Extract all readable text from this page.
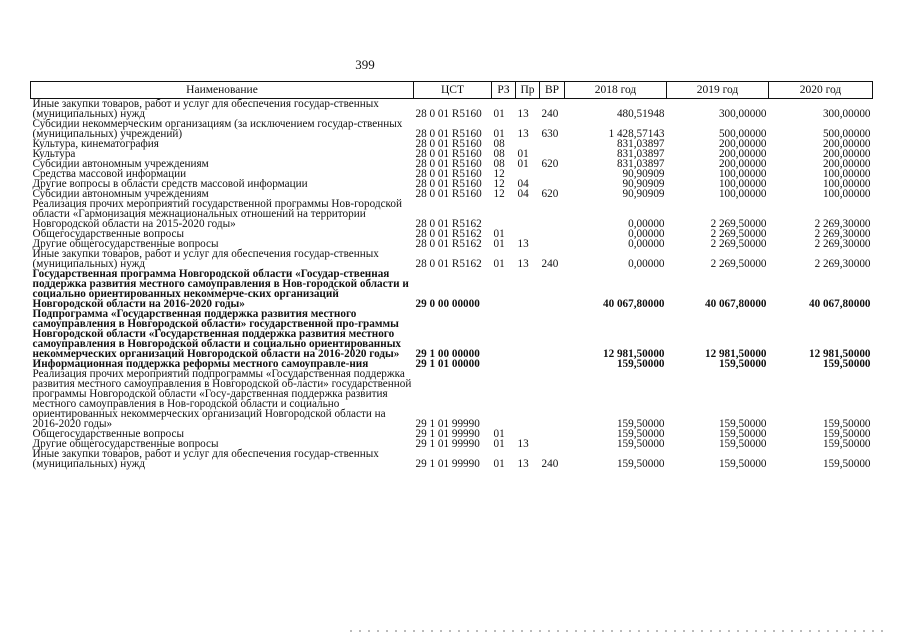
399
Наименование	ЦСТ	РЗ	Пр	ВР	2018 год	2019 год	2020 год
Иные закупки товаров, работ и услуг для обеспечения государ-ственных (муниципальных) нужд	28 0 01 R5160	01	13	240	480,51948	300,00000	300,00000
Субсидии некоммерческим организациям (за исключением государ-ственных (муниципальных) учреждений)	28 0 01 R5160	01	13	630	1 428,57143	500,00000	500,00000
Культура, кинематография	28 0 01 R5160	08			831,03897	200,00000	200,00000
Культура	28 0 01 R5160	08	01		831,03897	200,00000	200,00000
Субсидии автономным учреждениям	28 0 01 R5160	08	01	620	831,03897	200,00000	200,00000
Средства массовой информации	28 0 01 R5160	12			90,90909	100,00000	100,00000
Другие вопросы в области средств массовой информации	28 0 01 R5160	12	04		90,90909	100,00000	100,00000
Субсидии автономным учреждениям	28 0 01 R5160	12	04	620	90,90909	100,00000	100,00000
Реализация прочих мероприятий государственной программы Нов-городской области «Гармонизация межнациональных отношений на территории Новгородской области на 2015-2020 годы»	28 0 01 R5162				0,00000	2 269,50000	2 269,30000
Общегосударственные вопросы	28 0 01 R5162	01			0,00000	2 269,50000	2 269,30000
Другие общегосударственные вопросы	28 0 01 R5162	01	13		0,00000	2 269,50000	2 269,30000
Иные закупки товаров, работ и услуг для обеспечения государ-ственных (муниципальных) нужд	28 0 01 R5162	01	13	240	0,00000	2 269,50000	2 269,30000
Государственная программа Новгородской области «Государ-ственная поддержка развития местного самоуправления в Нов-городской области и социально ориентированных некоммерче-ских организаций Новгородской области на 2016-2020 годы»	29 0 00 00000				40 067,80000	40 067,80000	40 067,80000
Подпрограмма «Государственная поддержка развития местного самоуправления в Новгородской области» государственной про-граммы Новгородской области «Государственная поддержка развития местного самоуправления в Новгородской области и социально ориентированных некоммерческих организаций Новгородской области на 2016-2020 годы»	29 1 00 00000				12 981,50000	12 981,50000	12 981,50000
Информационная поддержка реформы местного самоуправле-ния	29 1 01 00000				159,50000	159,50000	159,50000
Реализация прочих мероприятий подпрограммы «Государственная поддержка развития местного самоуправления в Новгородской об-ласти» государственной программы Новгородской области «Госу-дарственная поддержка развития местного самоуправления в Нов-городской области и социально ориентированных некоммерческих организаций Новгородской области на 2016-2020 годы»	29 1 01 99990				159,50000	159,50000	159,50000
Общегосударственные вопросы	29 1 01 99990	01			159,50000	159,50000	159,50000
Другие общегосударственные вопросы	29 1 01 99990	01	13		159,50000	159,50000	159,50000
Иные закупки товаров, работ и услуг для обеспечения государ-ственных (муниципальных) нужд	29 1 01 99990	01	13	240	159,50000	159,50000	159,50000
